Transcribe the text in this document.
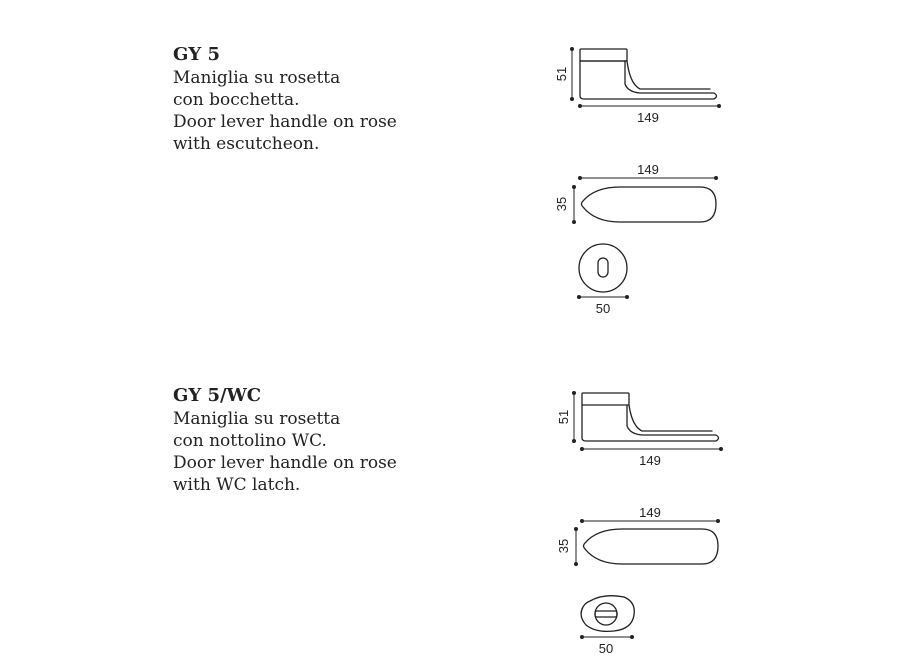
GY 5
Maniglia su rosetta
con bocchetta.
Door lever handle on rose
with escutcheon.
GY 5/WC
Maniglia su rosetta
con nottolino WC.
Door lever handle on rose
with WC latch.
51
149
149
35
50
51
149
149
35
50
